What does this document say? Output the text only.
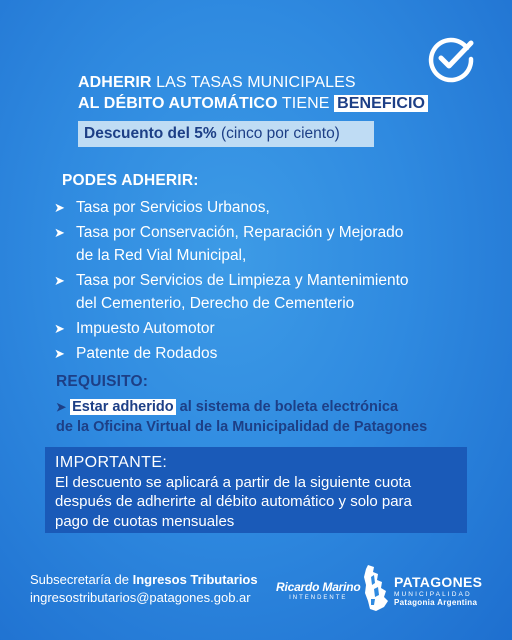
ADHERIR LAS TASAS MUNICIPALES
AL DÉBITO AUTOMÁTICO TIENE BENEFICIO
Descuento del 5% (cinco por ciento)
PODES ADHERIR:
➤ Tasa por Servicios Urbanos,
➤ Tasa por Conservación, Reparación y Mejorado
de la Red Vial Municipal,
➤ Tasa por Servicios de Limpieza y Mantenimiento
del Cementerio, Derecho de Cementerio
➤ Impuesto Automotor
➤ Patente de Rodados
REQUISITO:
➤ Estar adherido al sistema de boleta electrónica
de la Oficina Virtual de la Municipalidad de Patagones
IMPORTANTE:
El descuento se aplicará a partir de la siguiente cuota
después de adherirte al débito automático y solo para
pago de cuotas mensuales
Subsecretaría de Ingresos Tributarios
ingresostributarios@patagones.gob.ar
Ricardo Marino
INTENDENTE
PATAGONES
MUNICIPALIDAD
Patagonia Argentina
